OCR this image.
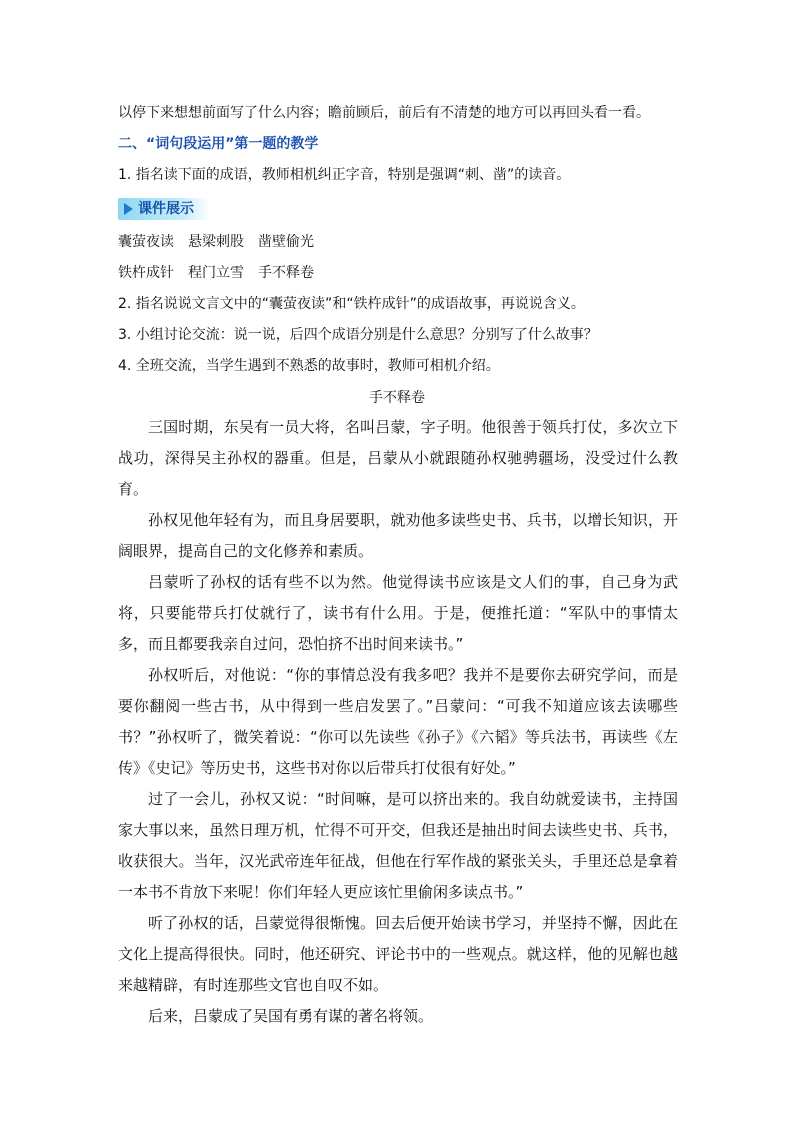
以停下来想想前面写了什么内容；瞻前顾后，前后有不清楚的地方可以再回头看一看。

二、“词句段运用”第一题的教学

1. 指名读下面的成语，教师相机纠正字音，特别是强调“刺、凿”的读音。

课件展示

囊萤夜读　悬梁刺股　凿壁偷光

铁杵成针　程门立雪　手不释卷

2. 指名说说文言文中的“囊萤夜读”和“铁杵成针”的成语故事，再说说含义。

3. 小组讨论交流：说一说，后四个成语分别是什么意思？分别写了什么故事？

4. 全班交流，当学生遇到不熟悉的故事时，教师可相机介绍。

手不释卷

三国时期，东吴有一员大将，名叫吕蒙，字子明。他很善于领兵打仗，多次立下战功，深得吴主孙权的器重。但是，吕蒙从小就跟随孙权驰骋疆场，没受过什么教育。

孙权见他年轻有为，而且身居要职，就劝他多读些史书、兵书，以增长知识，开阔眼界，提高自己的文化修养和素质。

吕蒙听了孙权的话有些不以为然。他觉得读书应该是文人们的事，自己身为武将，只要能带兵打仗就行了，读书有什么用。于是，便推托道：“军队中的事情太多，而且都要我亲自过问，恐怕挤不出时间来读书。”

孙权听后，对他说：“你的事情总没有我多吧？我并不是要你去研究学问，而是要你翻阅一些古书，从中得到一些启发罢了。”吕蒙问：“可我不知道应该去读哪些书？”孙权听了，微笑着说：“你可以先读些《孙子》《六韬》等兵法书，再读些《左传》《史记》等历史书，这些书对你以后带兵打仗很有好处。”

过了一会儿，孙权又说：“时间嘛，是可以挤出来的。我自幼就爱读书，主持国家大事以来，虽然日理万机，忙得不可开交，但我还是抽出时间去读些史书、兵书，收获很大。当年，汉光武帝连年征战，但他在行军作战的紧张关头，手里还总是拿着一本书不肯放下来呢！你们年轻人更应该忙里偷闲多读点书。”

听了孙权的话，吕蒙觉得很惭愧。回去后便开始读书学习，并坚持不懈，因此在文化上提高得很快。同时，他还研究、评论书中的一些观点。就这样，他的见解也越来越精辟，有时连那些文官也自叹不如。

后来，吕蒙成了吴国有勇有谋的著名将领。
